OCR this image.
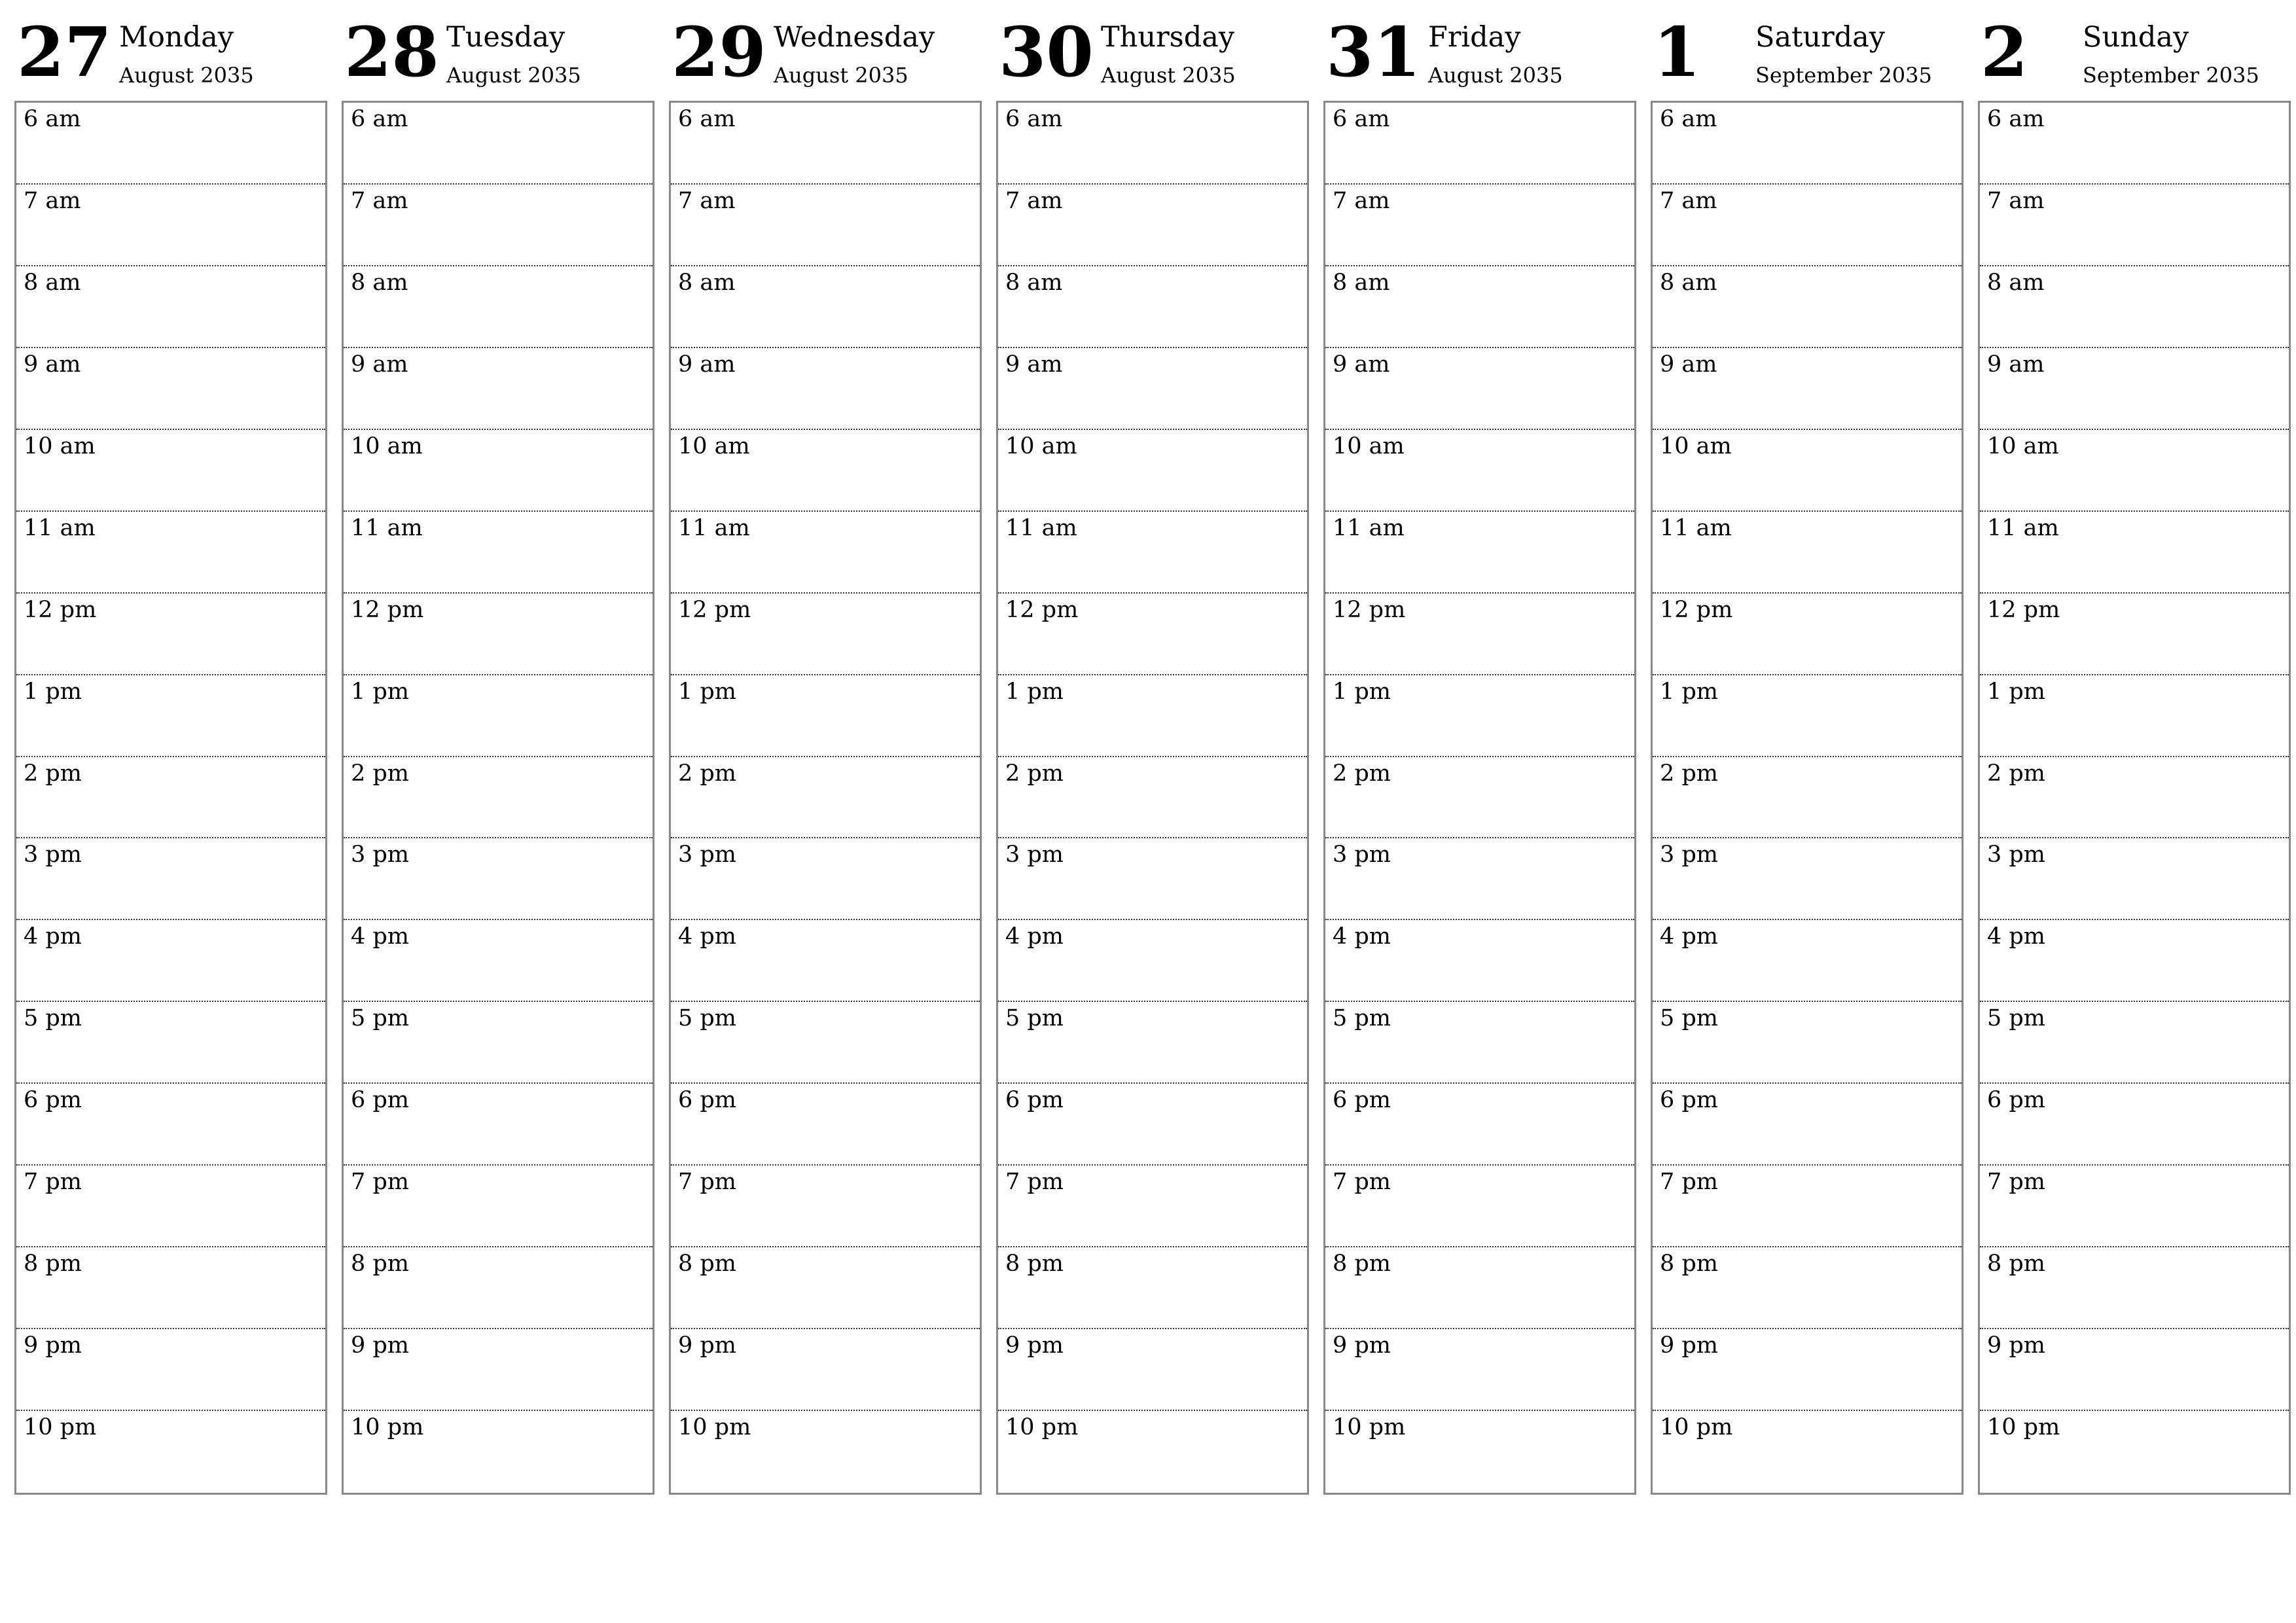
27 Monday
August 2035
6 am
7 am
8 am
9 am
10 am
11 am
12 pm
1 pm
2 pm
3 pm
4 pm
5 pm
6 pm
7 pm
8 pm
9 pm
10 pm
28 Tuesday
August 2035
6 am
7 am
8 am
9 am
10 am
11 am
12 pm
1 pm
2 pm
3 pm
4 pm
5 pm
6 pm
7 pm
8 pm
9 pm
10 pm
29 Wednesday
August 2035
6 am
7 am
8 am
9 am
10 am
11 am
12 pm
1 pm
2 pm
3 pm
4 pm
5 pm
6 pm
7 pm
8 pm
9 pm
10 pm
30 Thursday
August 2035
6 am
7 am
8 am
9 am
10 am
11 am
12 pm
1 pm
2 pm
3 pm
4 pm
5 pm
6 pm
7 pm
8 pm
9 pm
10 pm
31 Friday
August 2035
6 am
7 am
8 am
9 am
10 am
11 am
12 pm
1 pm
2 pm
3 pm
4 pm
5 pm
6 pm
7 pm
8 pm
9 pm
10 pm
1 Saturday
September 2035
6 am
7 am
8 am
9 am
10 am
11 am
12 pm
1 pm
2 pm
3 pm
4 pm
5 pm
6 pm
7 pm
8 pm
9 pm
10 pm
2 Sunday
September 2035
6 am
7 am
8 am
9 am
10 am
11 am
12 pm
1 pm
2 pm
3 pm
4 pm
5 pm
6 pm
7 pm
8 pm
9 pm
10 pm
